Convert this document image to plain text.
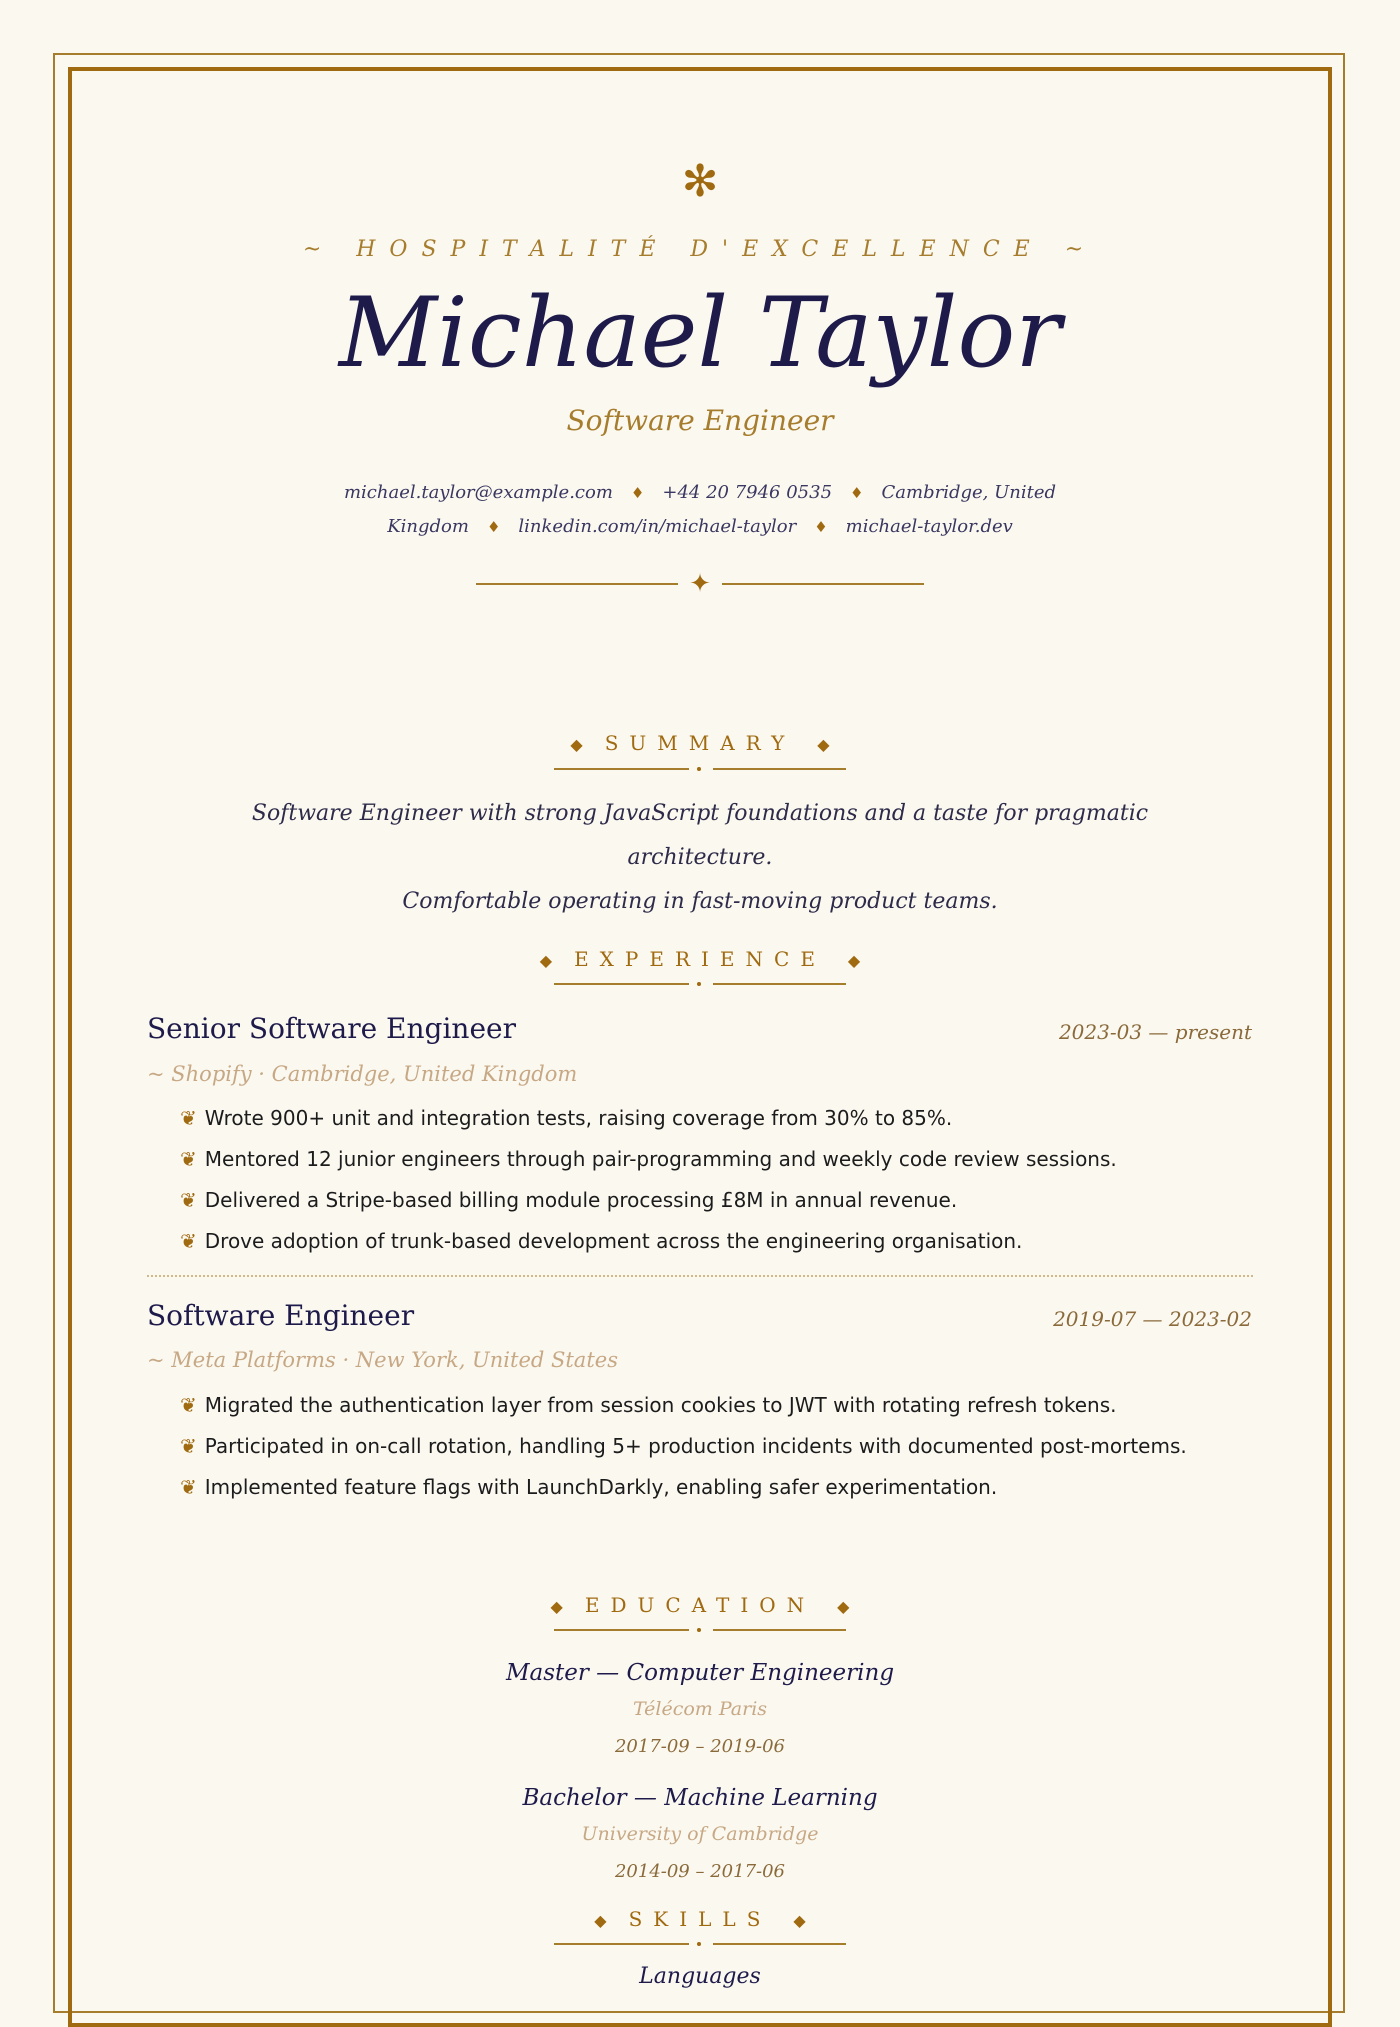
✻
~ HOSPITALITÉ D'EXCELLENCE ~
Michael Taylor
Software Engineer
michael.taylor@example.com ♦ +44 20 7946 0535 ♦ Cambridge, United Kingdom ♦ linkedin.com/in/michael-taylor ♦ michael-taylor.dev
✦
◆ SUMMARY ◆
Software Engineer with strong JavaScript foundations and a taste for pragmatic architecture.
Comfortable operating in fast-moving product teams.
◆ EXPERIENCE ◆
Senior Software Engineer	2023-03 — present
~ Shopify · Cambridge, United Kingdom
❦ Wrote 900+ unit and integration tests, raising coverage from 30% to 85%.
❦ Mentored 12 junior engineers through pair-programming and weekly code review sessions.
❦ Delivered a Stripe-based billing module processing £8M in annual revenue.
❦ Drove adoption of trunk-based development across the engineering organisation.
Software Engineer	2019-07 — 2023-02
~ Meta Platforms · New York, United States
❦ Migrated the authentication layer from session cookies to JWT with rotating refresh tokens.
❦ Participated in on-call rotation, handling 5+ production incidents with documented post-mortems.
❦ Implemented feature flags with LaunchDarkly, enabling safer experimentation.
◆ EDUCATION ◆
Master — Computer Engineering
Télécom Paris
2017-09 – 2019-06
Bachelor — Machine Learning
University of Cambridge
2014-09 – 2017-06
◆ SKILLS ◆
Languages
